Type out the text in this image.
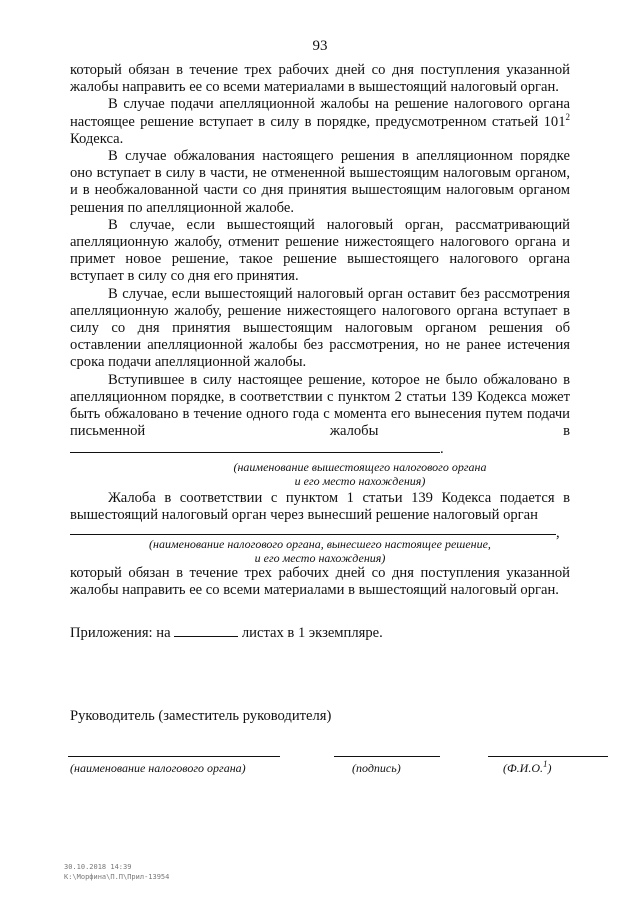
93

который обязан в течение трех рабочих дней со дня поступления указанной жалобы направить ее со всеми материалами в вышестоящий налоговый орган.

В случае подачи апелляционной жалобы на решение налогового органа настоящее решение вступает в силу в порядке, предусмотренном статьей $101^2$ Кодекса.

В случае обжалования настоящего решения в апелляционном порядке оно вступает в силу в части, не отмененной вышестоящим налоговым органом, и в необжалованной части со дня принятия вышестоящим налоговым органом решения по апелляционной жалобе.

В случае, если вышестоящий налоговый орган, рассматривающий апелляционную жалобу, отменит решение нижестоящего налогового органа и примет новое решение, такое решение вышестоящего налогового органа вступает в силу со дня его принятия.

В случае, если вышестоящий налоговый орган оставит без рассмотрения апелляционную жалобу, решение нижестоящего налогового органа вступает в силу со дня принятия вышестоящим налоговым органом решения об оставлении апелляционной жалобы без рассмотрения, но не ранее истечения срока подачи апелляционной жалобы.

Вступившее в силу настоящее решение, которое не было обжаловано в апелляционном порядке, в соответствии с пунктом 2 статьи 139 Кодекса может быть обжаловано в течение одного года с момента его вынесения путем подачи письменной жалобы в.

(наименование вышестоящего налогового органа
и его место нахождения)

Жалоба в соответствии с пунктом 1 статьи 139 Кодекса подается в вышестоящий налоговый орган через вынесший решение налоговый орган

,
(наименование налогового органа, вынесшего настоящее решение,
и его место нахождения)

который обязан в течение трех рабочих дней со дня поступления указанной жалобы направить ее со всеми материалами в вышестоящий налоговый орган.

Приложения: на	листах в 1 экземпляре.
Руководитель (заместитель руководителя)
(наименование налогового органа)	(подпись)	(Ф.И.О.$^1$)
30.10.2018 14:39
К:\Морфина\П.П\Прил-13954
